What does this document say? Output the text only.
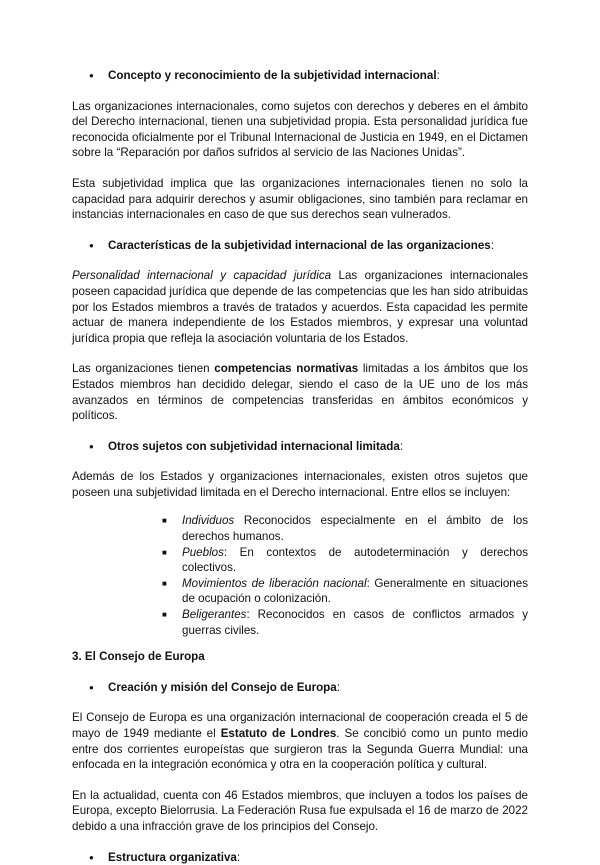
● Concepto y reconocimiento de la subjetividad internacional:

Las organizaciones internacionales, como sujetos con derechos y deberes en el ámbito del Derecho internacional, tienen una subjetividad propia. Esta personalidad jurídica fue reconocida oficialmente por el Tribunal Internacional de Justicia en 1949, en el Dictamen sobre la “Reparación por daños sufridos al servicio de las Naciones Unidas”.

Esta subjetividad implica que las organizaciones internacionales tienen no solo la capacidad para adquirir derechos y asumir obligaciones, sino también para reclamar en instancias internacionales en caso de que sus derechos sean vulnerados.

● Características de la subjetividad internacional de las organizaciones:

Personalidad internacional y capacidad jurídica Las organizaciones internacionales poseen capacidad jurídica que depende de las competencias que les han sido atribuidas por los Estados miembros a través de tratados y acuerdos. Esta capacidad les permite actuar de manera independiente de los Estados miembros, y expresar una voluntad jurídica propia que refleja la asociación voluntaria de los Estados.

Las organizaciones tienen competencias normativas limitadas a los ámbitos que los Estados miembros han decidido delegar, siendo el caso de la UE uno de los más avanzados en términos de competencias transferidas en ámbitos económicos y políticos.

● Otros sujetos con subjetividad internacional limitada:

Además de los Estados y organizaciones internacionales, existen otros sujetos que poseen una subjetividad limitada en el Derecho internacional. Entre ellos se incluyen:

■ Individuos Reconocidos especialmente en el ámbito de los derechos humanos.

■ Pueblos: En contextos de autodeterminación y derechos colectivos.

■ Movimientos de liberación nacional: Generalmente en situaciones de ocupación o colonización.

■ Beligerantes: Reconocidos en casos de conflictos armados y guerras civiles.

3. El Consejo de Europa

● Creación y misión del Consejo de Europa:

El Consejo de Europa es una organización internacional de cooperación creada el 5 de mayo de 1949 mediante el Estatuto de Londres. Se concibió como un punto medio entre dos corrientes europeístas que surgieron tras la Segunda Guerra Mundial: una enfocada en la integración económica y otra en la cooperación política y cultural.

En la actualidad, cuenta con 46 Estados miembros, que incluyen a todos los países de Europa, excepto Bielorrusia. La Federación Rusa fue expulsada el 16 de marzo de 2022 debido a una infracción grave de los principios del Consejo.

● Estructura organizativa:
